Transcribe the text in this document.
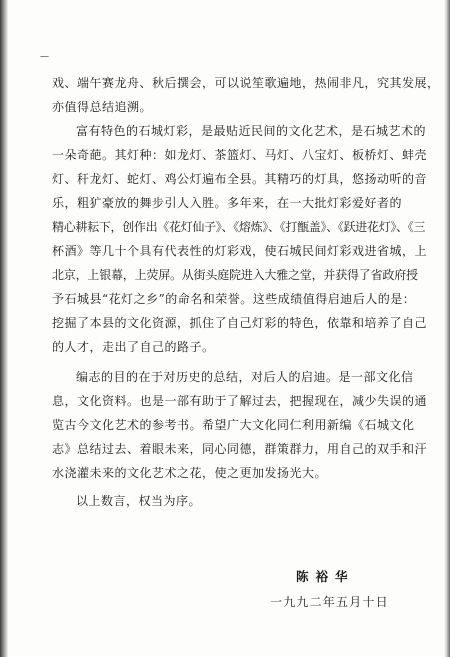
—
戏、端午赛龙舟、秋后撰会，可以说笙歌遍地，热闹非凡，究其发展，
亦值得总结追溯。
富有特色的石城灯彩，是最贴近民间的文化艺术，是石城艺术的
一朵奇葩。其灯种：如龙灯、茶篮灯、马灯、八宝灯、板桥灯、蚌壳
灯、秆龙灯、蛇灯、鸡公灯遍布全县。其精巧的灯具，悠扬动听的音
乐，粗犷豪放的舞步引人入胜。多年来，在一大批灯彩爱好者的
精心耕耘下，创作出《花灯仙子》、《熔炼》、《打甑盖》、《跃进花灯》、《三
杯酒》等几十个具有代表性的灯彩戏，使石城民间灯彩戏进省城，上
北京，上银幕，上荧屏。从街头庭院进入大雅之堂，并获得了省政府授
予石城县“花灯之乡”的命名和荣誉。这些成绩值得启迪后人的是：
挖掘了本县的文化资源，抓住了自己灯彩的特色，依靠和培养了自己
的人才，走出了自己的路子。
编志的目的在于对历史的总结，对后人的启迪。是一部文化信
息，文化资料。也是一部有助于了解过去，把握现在，减少失误的通
览古今文化艺术的参考书。希望广大文化同仁利用新编《石城文化
志》总结过去、着眼未来，同心同德，群策群力，用自己的双手和汗
水浇灌未来的文化艺术之花，使之更加发扬光大。
以上数言，权当为序。
陈裕华
一九九二年五月十日
